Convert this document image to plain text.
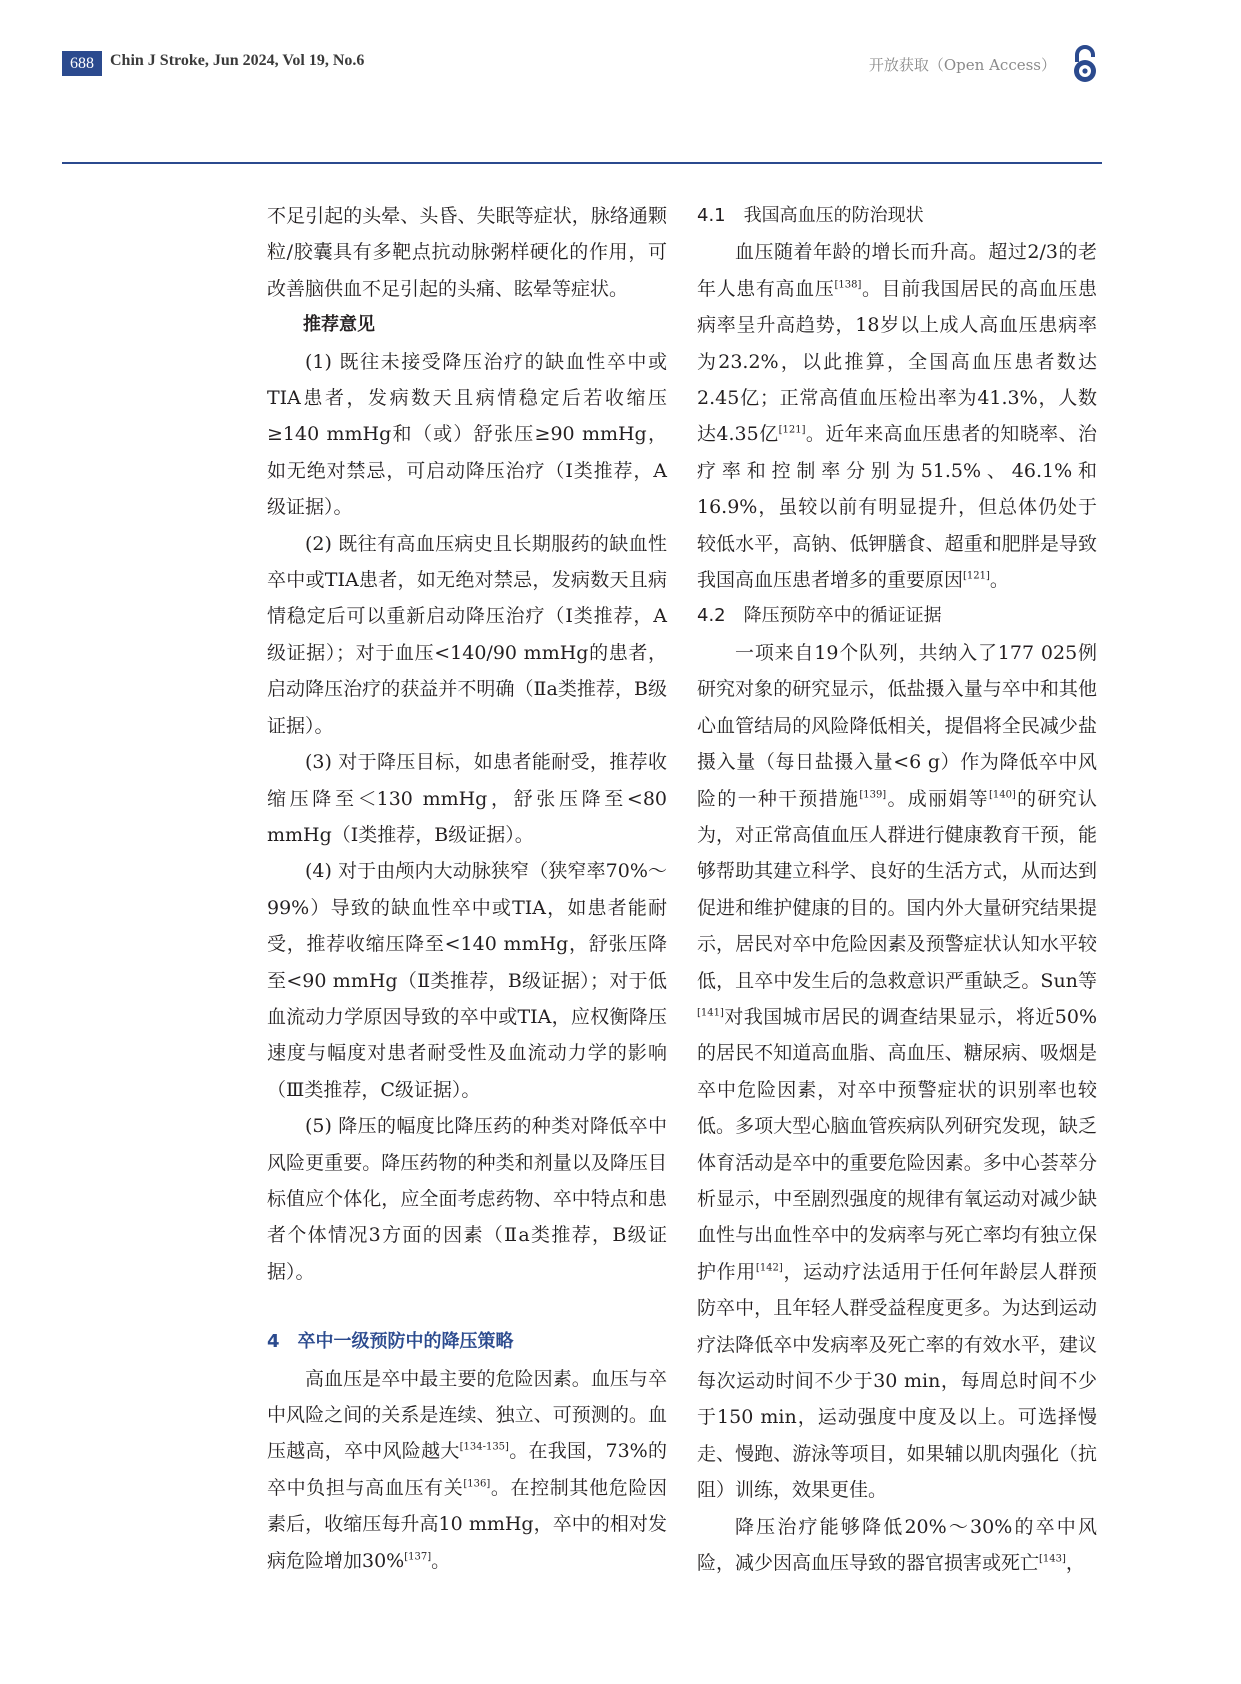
688	Chin J Stroke, Jun 2024, Vol 19, No.6	开放获取（Open Access）

不足引起的头晕、头昏、失眠等症状，脉络通颗粒/胶囊具有多靶点抗动脉粥样硬化的作用，可改善脑供血不足引起的头痛、眩晕等症状。

推荐意见

(1) 既往未接受降压治疗的缺血性卒中或TIA患者，发病数天且病情稳定后若收缩压≥140 mmHg和（或）舒张压≥90 mmHg，如无绝对禁忌，可启动降压治疗（Ⅰ类推荐，A级证据）。

(2) 既往有高血压病史且长期服药的缺血性卒中或TIA患者，如无绝对禁忌，发病数天且病情稳定后可以重新启动降压治疗（Ⅰ类推荐，A级证据）；对于血压<140/90 mmHg的患者，启动降压治疗的获益并不明确（Ⅱa类推荐，B级证据）。

(3) 对于降压目标，如患者能耐受，推荐收缩压降至＜130 mmHg，舒张压降至<80 mmHg（Ⅰ类推荐，B级证据）。

(4) 对于由颅内大动脉狭窄（狭窄率70%～99%）导致的缺血性卒中或TIA，如患者能耐受，推荐收缩压降至<140 mmHg，舒张压降至<90 mmHg（Ⅱ类推荐，B级证据）；对于低血流动力学原因导致的卒中或TIA，应权衡降压速度与幅度对患者耐受性及血流动力学的影响（Ⅲ类推荐，C级证据）。

(5) 降压的幅度比降压药的种类对降低卒中风险更重要。降压药物的种类和剂量以及降压目标值应个体化，应全面考虑药物、卒中特点和患者个体情况3方面的因素（Ⅱa类推荐，B级证据）。

4　卒中一级预防中的降压策略

高血压是卒中最主要的危险因素。血压与卒中风险之间的关系是连续、独立、可预测的。血压越高，卒中风险越大[134-135]。在我国，73%的卒中负担与高血压有关[136]。在控制其他危险因素后，收缩压每升高10 mmHg，卒中的相对发病危险增加30%[137]。

4.1　我国高血压的防治现状

血压随着年龄的增长而升高。超过2/3的老年人患有高血压[138]。目前我国居民的高血压患病率呈升高趋势，18岁以上成人高血压患病率为23.2%，以此推算，全国高血压患者数达2.45亿；正常高值血压检出率为41.3%，人数达4.35亿[121]。近年来高血压患者的知晓率、治疗率和控制率分别为51.5%、46.1%和16.9%，虽较以前有明显提升，但总体仍处于较低水平，高钠、低钾膳食、超重和肥胖是导致我国高血压患者增多的重要原因[121]。

4.2　降压预防卒中的循证证据

一项来自19个队列，共纳入了177 025例研究对象的研究显示，低盐摄入量与卒中和其他心血管结局的风险降低相关，提倡将全民减少盐摄入量（每日盐摄入量<6 g）作为降低卒中风险的一种干预措施[139]。成丽娟等[140]的研究认为，对正常高值血压人群进行健康教育干预，能够帮助其建立科学、良好的生活方式，从而达到促进和维护健康的目的。国内外大量研究结果提示，居民对卒中危险因素及预警症状认知水平较低，且卒中发生后的急救意识严重缺乏。Sun等[141]对我国城市居民的调查结果显示，将近50%的居民不知道高血脂、高血压、糖尿病、吸烟是卒中危险因素，对卒中预警症状的识别率也较低。多项大型心脑血管疾病队列研究发现，缺乏体育活动是卒中的重要危险因素。多中心荟萃分析显示，中至剧烈强度的规律有氧运动对减少缺血性与出血性卒中的发病率与死亡率均有独立保护作用[142]，运动疗法适用于任何年龄层人群预防卒中，且年轻人群受益程度更多。为达到运动疗法降低卒中发病率及死亡率的有效水平，建议每次运动时间不少于30 min，每周总时间不少于150 min，运动强度中度及以上。可选择慢走、慢跑、游泳等项目，如果辅以肌肉强化（抗阻）训练，效果更佳。

降压治疗能够降低20%～30%的卒中风险，减少因高血压导致的器官损害或死亡[143]，
